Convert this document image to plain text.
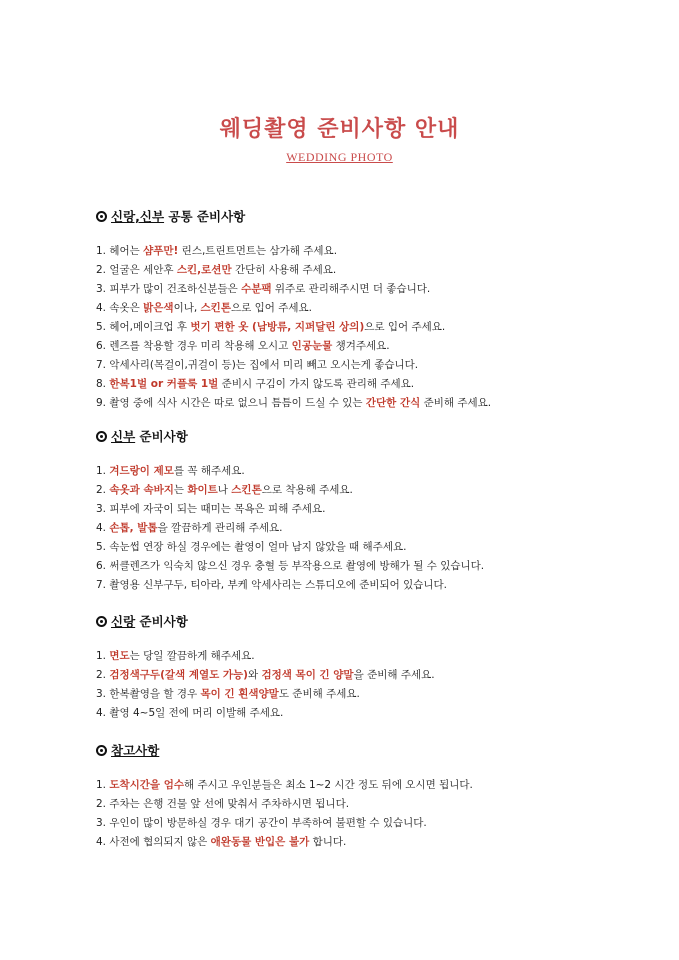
웨딩촬영 준비사항 안내
WEDDING PHOTO
신랑,신부 공통 준비사항
1. 헤어는 샴푸만! 린스,트린트먼트는 삼가해 주세요.
2. 얼굴은 세안후 스킨,로션만 간단히 사용해 주세요.
3. 피부가 많이 건조하신분들은 수분팩 위주로 관리해주시면 더 좋습니다.
4. 속옷은 밝은색이나, 스킨톤으로 입어 주세요.
5. 헤어,메이크업 후 벗기 편한 옷 (남방류, 지퍼달린 상의)으로 입어 주세요.
6. 렌즈를 착용할 경우 미리 착용해 오시고 인공눈물 챙겨주세요.
7. 악세사리(목걸이,귀걸이 등)는 집에서 미리 빼고 오시는게 좋습니다.
8. 한복1벌 or 커플룩 1벌 준비시 구김이 가지 않도록 관리해 주세요.
9. 촬영 중에 식사 시간은 따로 없으니 틈틈이 드실 수 있는 간단한 간식 준비해 주세요.
신부 준비사항
1. 겨드랑이 제모를 꼭 해주세요.
2. 속옷과 속바지는 화이트나 스킨톤으로 착용해 주세요.
3. 피부에 자국이 되는 때미는 목욕은 피해 주세요.
4. 손톱, 발톱을 깔끔하게 관리해 주세요.
5. 속눈썹 연장 하실 경우에는 촬영이 얼마 남지 않았을 때 해주세요.
6. 써클렌즈가 익숙치 않으신 경우 충혈 등 부작용으로 촬영에 방해가 될 수 있습니다.
7. 촬영용 신부구두, 티아라, 부케 악세사리는 스튜디오에 준비되어 있습니다.
신랑 준비사항
1. 면도는 당일 깔끔하게 해주세요.
2. 검정색구두(갈색 계열도 가능)와 검정색 목이 긴 양말을 준비해 주세요.
3. 한복촬영을 할 경우 목이 긴 흰색양말도 준비해 주세요.
4. 촬영 4~5일 전에 머리 이발해 주세요.
참고사항
1. 도착시간을 엄수해 주시고 우인분들은 최소 1~2 시간 정도 뒤에 오시면 됩니다.
2. 주차는 은행 건물 앞 선에 맞춰서 주차하시면 됩니다.
3. 우인이 많이 방문하실 경우 대기 공간이 부족하여 불편할 수 있습니다.
4. 사전에 협의되지 않은 애완동물 반입은 불가 합니다.
